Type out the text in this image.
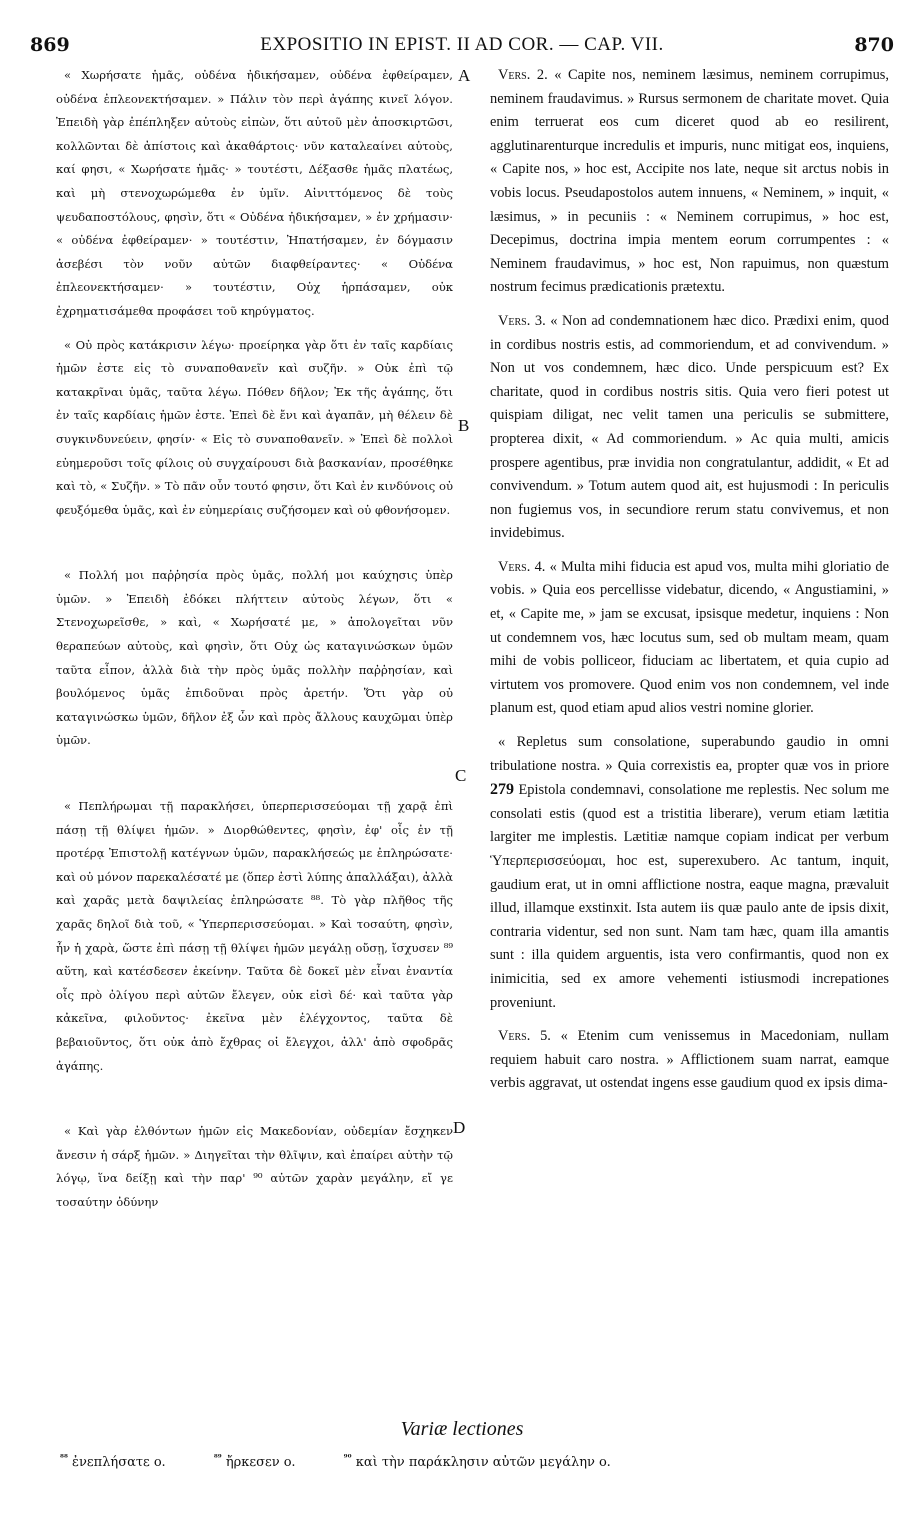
869	EXPOSITIO IN EPIST. II AD COR. — CAP. VII.	870
A
B
C
D

« Χωρήσατε ἡμᾶς, οὐδένα ἠδικήσαμεν, οὐδένα ἐφθείραμεν, οὐδένα ἐπλεονεκτήσαμεν. » Πάλιν τὸν περὶ ἀγάπης κινεῖ λόγον. Ἐπειδὴ γὰρ ἐπέπληξεν αὐτοὺς εἰπὼν, ὅτι αὐτοῦ μὲν ἀποσκιρτῶσι, κολλῶνται δὲ ἀπίστοις καὶ ἀκαθάρτοις· νῦν καταλεαίνει αὐτοὺς, καί φησι, « Χωρήσατε ἡμᾶς· » τουτέστι, Δέξασθε ἡμᾶς πλατέως, καὶ μὴ στενοχωρώμεθα ἐν ὑμῖν. Αἰνιττόμενος δὲ τοὺς ψευδαποστόλους, φησὶν, ὅτι « Οὐδένα ἠδικήσαμεν, » ἐν χρήμασιν· « οὐδένα ἐφθείραμεν· » τουτέστιν, Ἠπατήσαμεν, ἐν δόγμασιν ἀσεβέσι τὸν νοῦν αὐτῶν διαφθείραντες· « Οὐδένα ἐπλεονεκτήσαμεν· » τουτέστιν, Οὐχ ἡρπάσαμεν, οὐκ ἐχρηματισάμεθα προφάσει τοῦ κηρύγματος.

« Οὐ πρὸς κατάκρισιν λέγω· προείρηκα γὰρ ὅτι ἐν ταῖς καρδίαις ἡμῶν ἐστε εἰς τὸ συναποθανεῖν καὶ συζῆν. » Οὐκ ἐπὶ τῷ κατακρῖναι ὑμᾶς, ταῦτα λέγω. Πόθεν δῆλον; Ἐκ τῆς ἀγάπης, ὅτι ἐν ταῖς καρδίαις ἡμῶν ἐστε. Ἐπεὶ δὲ ἔνι καὶ ἀγαπᾶν, μὴ θέλειν δὲ συγκινδυνεύειν, φησίν· « Εἰς τὸ συναποθανεῖν. » Ἐπεὶ δὲ πολλοὶ εὐημεροῦσι τοῖς φίλοις οὐ συγχαίρουσι διὰ βασκανίαν, προσέθηκε καὶ τὸ, « Συζῆν. » Τὸ πᾶν οὖν τουτό φησιν, ὅτι Καὶ ἐν κινδύνοις οὐ φευξόμεθα ὑμᾶς, καὶ ἐν εὐημερίαις συζήσομεν καὶ οὐ φθονήσομεν.

« Πολλή μοι παῤῥησία πρὸς ὑμᾶς, πολλή μοι καύχησις ὑπὲρ ὑμῶν. » Ἐπειδὴ ἐδόκει πλήττειν αὐτοὺς λέγων, ὅτι « Στενοχωρεῖσθε, » καὶ, « Χωρήσατέ με, » ἀπολογεῖται νῦν θεραπεύων αὐτοὺς, καὶ φησὶν, ὅτι Οὐχ ὡς καταγινώσκων ὑμῶν ταῦτα εἶπον, ἀλλὰ διὰ τὴν πρὸς ὑμᾶς πολλὴν παῤῥησίαν, καὶ βουλόμενος ὑμᾶς ἐπιδοῦναι πρὸς ἀρετήν. Ὅτι γὰρ οὐ καταγινώσκω ὑμῶν, δῆλον ἐξ ὧν καὶ πρὸς ἄλλους καυχῶμαι ὑπὲρ ὑμῶν.

« Πεπλήρωμαι τῇ παρακλήσει, ὑπερπερισσεύομαι τῇ χαρᾷ ἐπὶ πάσῃ τῇ θλίψει ἡμῶν. » Διορθώθεντες, φησὶν, ἐφ' οἷς ἐν τῇ προτέρᾳ Ἐπιστολῇ κατέγνων ὑμῶν, παρακλήσεώς με ἐπληρώσατε· καὶ οὐ μόνον παρεκαλέσατέ με (ὅπερ ἐστὶ λύπης ἀπαλλάξαι), ἀλλὰ καὶ χαρᾶς μετὰ δαψιλείας ἐπληρώσατε ⁸⁸. Τὸ γὰρ πλῆθος τῆς χαρᾶς δηλοῖ διὰ τοῦ, « Ὑπερπερισσεύομαι. » Καὶ τοσαύτη, φησὶν, ἦν ἡ χαρὰ, ὥστε ἐπὶ πάσῃ τῇ θλίψει ἡμῶν μεγάλῃ οὔσῃ, ἴσχυσεν ⁸⁹ αὕτη, καὶ κατέσδεσεν ἐκείνην. Ταῦτα δὲ δοκεῖ μὲν εἶναι ἐναντία οἷς πρὸ ὀλίγου περὶ αὐτῶν ἔλεγεν, οὐκ εἰσὶ δέ· καὶ ταῦτα γὰρ κἀκεῖνα, φιλοῦντος· ἐκεῖνα μὲν ἐλέγχοντος, ταῦτα δὲ βεβαιοῦντος, ὅτι οὐκ ἀπὸ ἔχθρας οἱ ἔλεγχοι, ἀλλ' ἀπὸ σφοδρᾶς ἀγάπης.

« Καὶ γὰρ ἐλθόντων ἡμῶν εἰς Μακεδονίαν, οὐδεμίαν ἔσχηκεν ἄνεσιν ἡ σάρξ ἡμῶν. » Διηγεῖται τὴν θλῖψιν, καὶ ἐπαίρει αὐτὴν τῷ λόγῳ, ἵνα δείξῃ καὶ τὴν παρ' ⁹⁰ αὐτῶν χαρὰν μεγάλην, εἴ γε τοσαύτην ὀδύνην

Vers. 2. « Capite nos, neminem læsimus, neminem corrupimus, neminem fraudavimus. » Rursus sermonem de charitate movet. Quia enim terruerat eos cum diceret quod ab eo resilirent, agglutinarenturque incredulis et impuris, nunc mitigat eos, inquiens, « Capite nos, » hoc est, Accipite nos late, neque sit arctus nobis in vobis locus. Pseudapostolos autem innuens, « Neminem, » inquit, « læsimus, » in pecuniis : « Neminem corrupimus, » hoc est, Decepimus, doctrina impia mentem eorum corrumpentes : « Neminem fraudavimus, » hoc est, Non rapuimus, non quæstum nostrum fecimus prædicationis prætextu.

Vers. 3. « Non ad condemnationem hæc dico. Prædixi enim, quod in cordibus nostris estis, ad commoriendum, et ad convivendum. » Non ut vos condemnem, hæc dico. Unde perspicuum est? Ex charitate, quod in cordibus nostris sitis. Quia vero fieri potest ut quispiam diligat, nec velit tamen una periculis se submittere, propterea dixit, « Ad commoriendum. » Ac quia multi, amicis prospere agentibus, præ invidia non congratulantur, addidit, « Et ad convivendum. » Totum autem quod ait, est hujusmodi : In periculis non fugiemus vos, in secundiore rerum statu convivemus, et non invidebimus.

Vers. 4. « Multa mihi fiducia est apud vos, multa mihi gloriatio de vobis. » Quia eos percellisse videbatur, dicendo, « Angustiamini, » et, « Capite me, » jam se excusat, ipsisque medetur, inquiens : Non ut condemnem vos, hæc locutus sum, sed ob multam meam, quam mihi de vobis polliceor, fiduciam ac libertatem, et quia cupio ad virtutem vos promovere. Quod enim vos non condemnem, vel inde planum est, quod etiam apud alios vestri nomine glorier.

« Repletus sum consolatione, superabundo gaudio in omni tribulatione nostra. » Quia correxistis ea, propter quæ vos in priore 279 Epistola condemnavi, consolatione me replestis. Nec solum me consolati estis (quod est a tristitia liberare), verum etiam lætitia largiter me implestis. Lætitiæ namque copiam indicat per verbum Ὑπερπερισσεύομαι, hoc est, superexubero. Ac tantum, inquit, gaudium erat, ut in omni afflictione nostra, eaque magna, prævaluit illud, illamque exstinxit. Ista autem iis quæ paulo ante de ipsis dixit, contraria videntur, sed non sunt. Nam tam hæc, quam illa amantis sunt : illa quidem arguentis, ista vero confirmantis, quod non ex inimicitia, sed ex amore vehementi istiusmodi increpationes proveniunt.

Vers. 5. « Etenim cum venissemus in Macedoniam, nullam requiem habuit caro nostra. » Afflictionem suam narrat, eamque verbis aggravat, ut ostendat ingens esse gaudium quod ex ipsis dima-

Variæ lectiones
$^{^{88}}$ ἐνεπλήσατε o.	$^{^{89}}$ ἤρκεσεν o.	$^{^{90}}$ καὶ τὴν παράκλησιν αὐτῶν μεγάλην o.
